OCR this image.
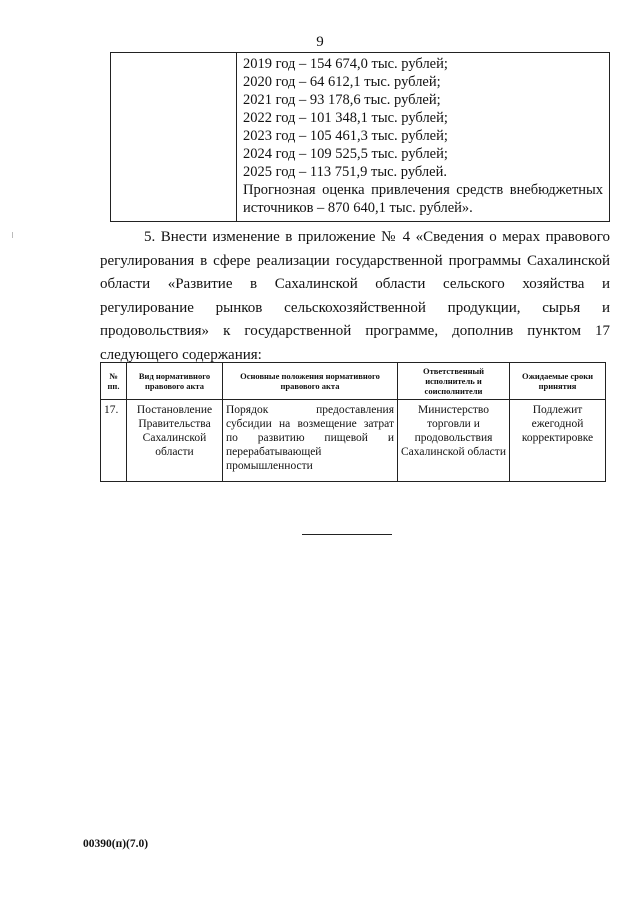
9

2019 год – 154 674,0 тыс. рублей;
2020 год – 64 612,1 тыс. рублей;
2021 год – 93 178,6 тыс. рублей;
2022 год – 101 348,1 тыс. рублей;
2023 год – 105 461,3 тыс. рублей;
2024 год – 109 525,5 тыс. рублей;
2025 год – 113 751,9 тыс. рублей.
Прогнозная оценка привлечения средств внебюджетных источников – 870 640,1 тыс. рублей».
5. Внести изменение в приложение № 4 «Сведения о мерах правового регулирования в сфере реализации государственной программы Сахалинской области «Развитие в Сахалинской области сельского хозяйства и регулирование рынков сельскохозяйственной продукции, сырья и продовольствия» к государственной программе, дополнив пунктом 17 следующего содержания:
№ пп.	Вид нормативного правового акта	Основные положения нормативного правового акта	Ответственный исполнитель и соисполнители	Ожидаемые сроки принятия
17.	Постановление Правительства Сахалинской области	Порядок предоставления субсидии на возмещение затрат по развитию пищевой и перерабатывающей промышленности	Министерство торговли и продовольствия Сахалинской области	Подлежит ежегодной корректировке
00390(п)(7.0)
